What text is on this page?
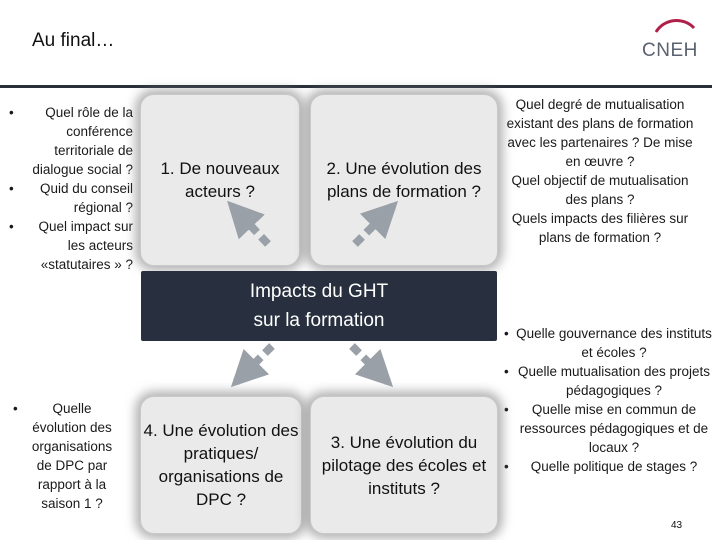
Au final…	CNEH
• Quel rôle de la conférence territoriale de dialogue social ?
• Quid du conseil régional ?
• Quel impact sur les acteurs «statutaires » ?
• Quelle évolution des organisations de DPC par rapport à la saison 1 ?
• Quel degré de mutualisation existant des plans de formation avec les partenaires ? De mise en œuvre ?
• Quel objectif de mutualisation des plans ?
• Quels impacts des filières sur plans de formation ?
• Quelle gouvernance des instituts et écoles ?
• Quelle mutualisation des projets pédagogiques ?
• Quelle mise en commun de ressources pédagogiques et de locaux ?
• Quelle politique de stages ?
1. De nouveaux acteurs ?
2. Une évolution des plans de formation ?
4. Une évolution des pratiques/ organisations de DPC ?
3. Une évolution du pilotage des écoles et instituts ?
Impacts du GHT
sur la formation
43
